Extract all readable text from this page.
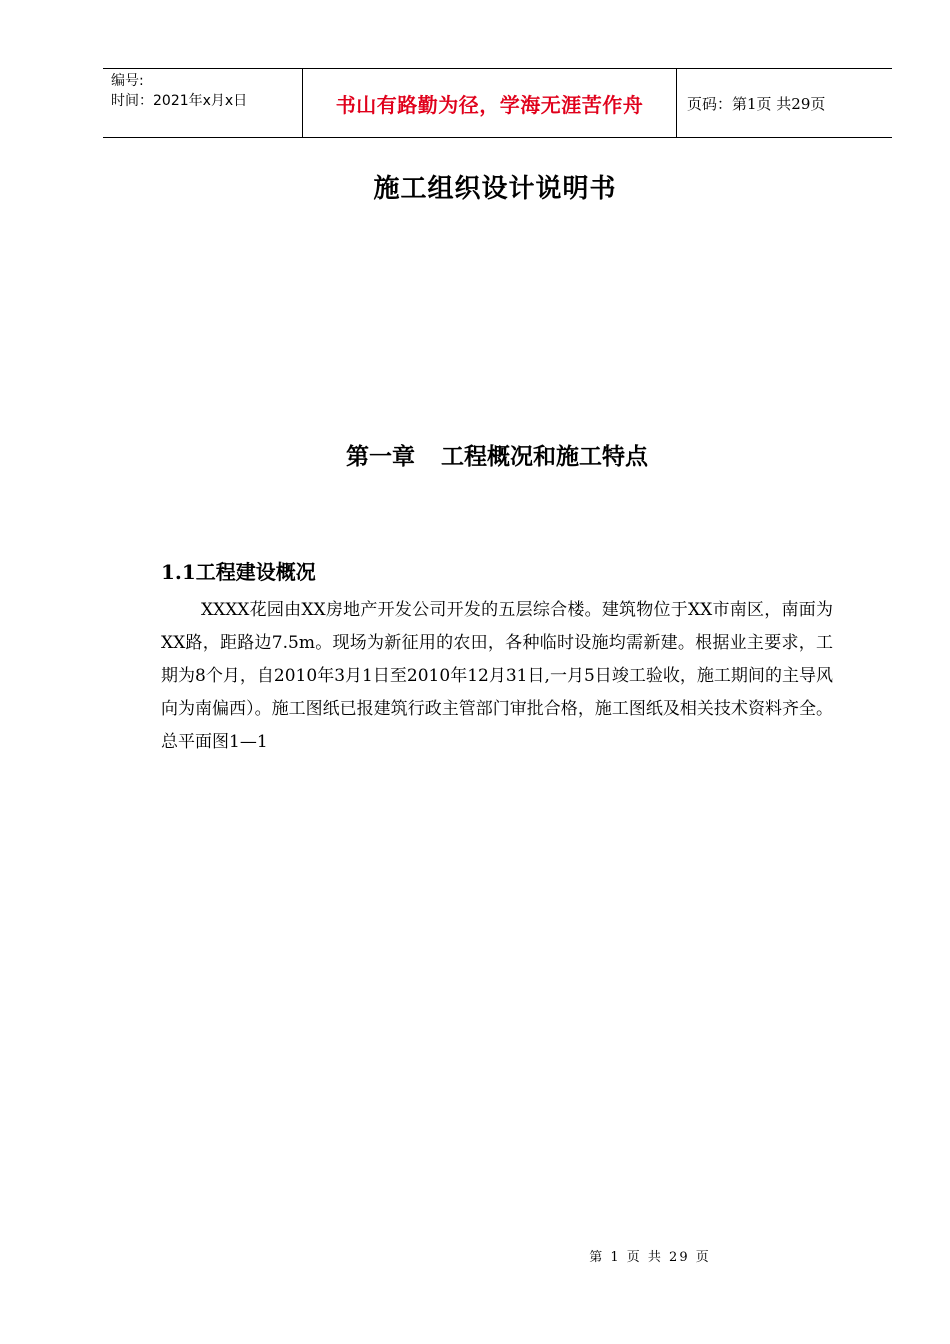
编号:
时间：2021年x月x日	书山有路勤为径，学海无涯苦作舟	页码：第1页 共29页
施工组织设计说明书
第一章 工程概况和施工特点
1.1工程建设概况
XXXX花园由XX房地产开发公司开发的五层综合楼。建筑物位于XX市南区，南面为XX路，距路边7.5m。现场为新征用的农田，各种临时设施均需新建。根据业主要求，工期为8个月，自2010年3月1日至2010年12月31日,一月5日竣工验收，施工期间的主导风向为南偏西）。施工图纸已报建筑行政主管部门审批合格，施工图纸及相关技术资料齐全。总平面图1—1
第 1 页 共 29 页
